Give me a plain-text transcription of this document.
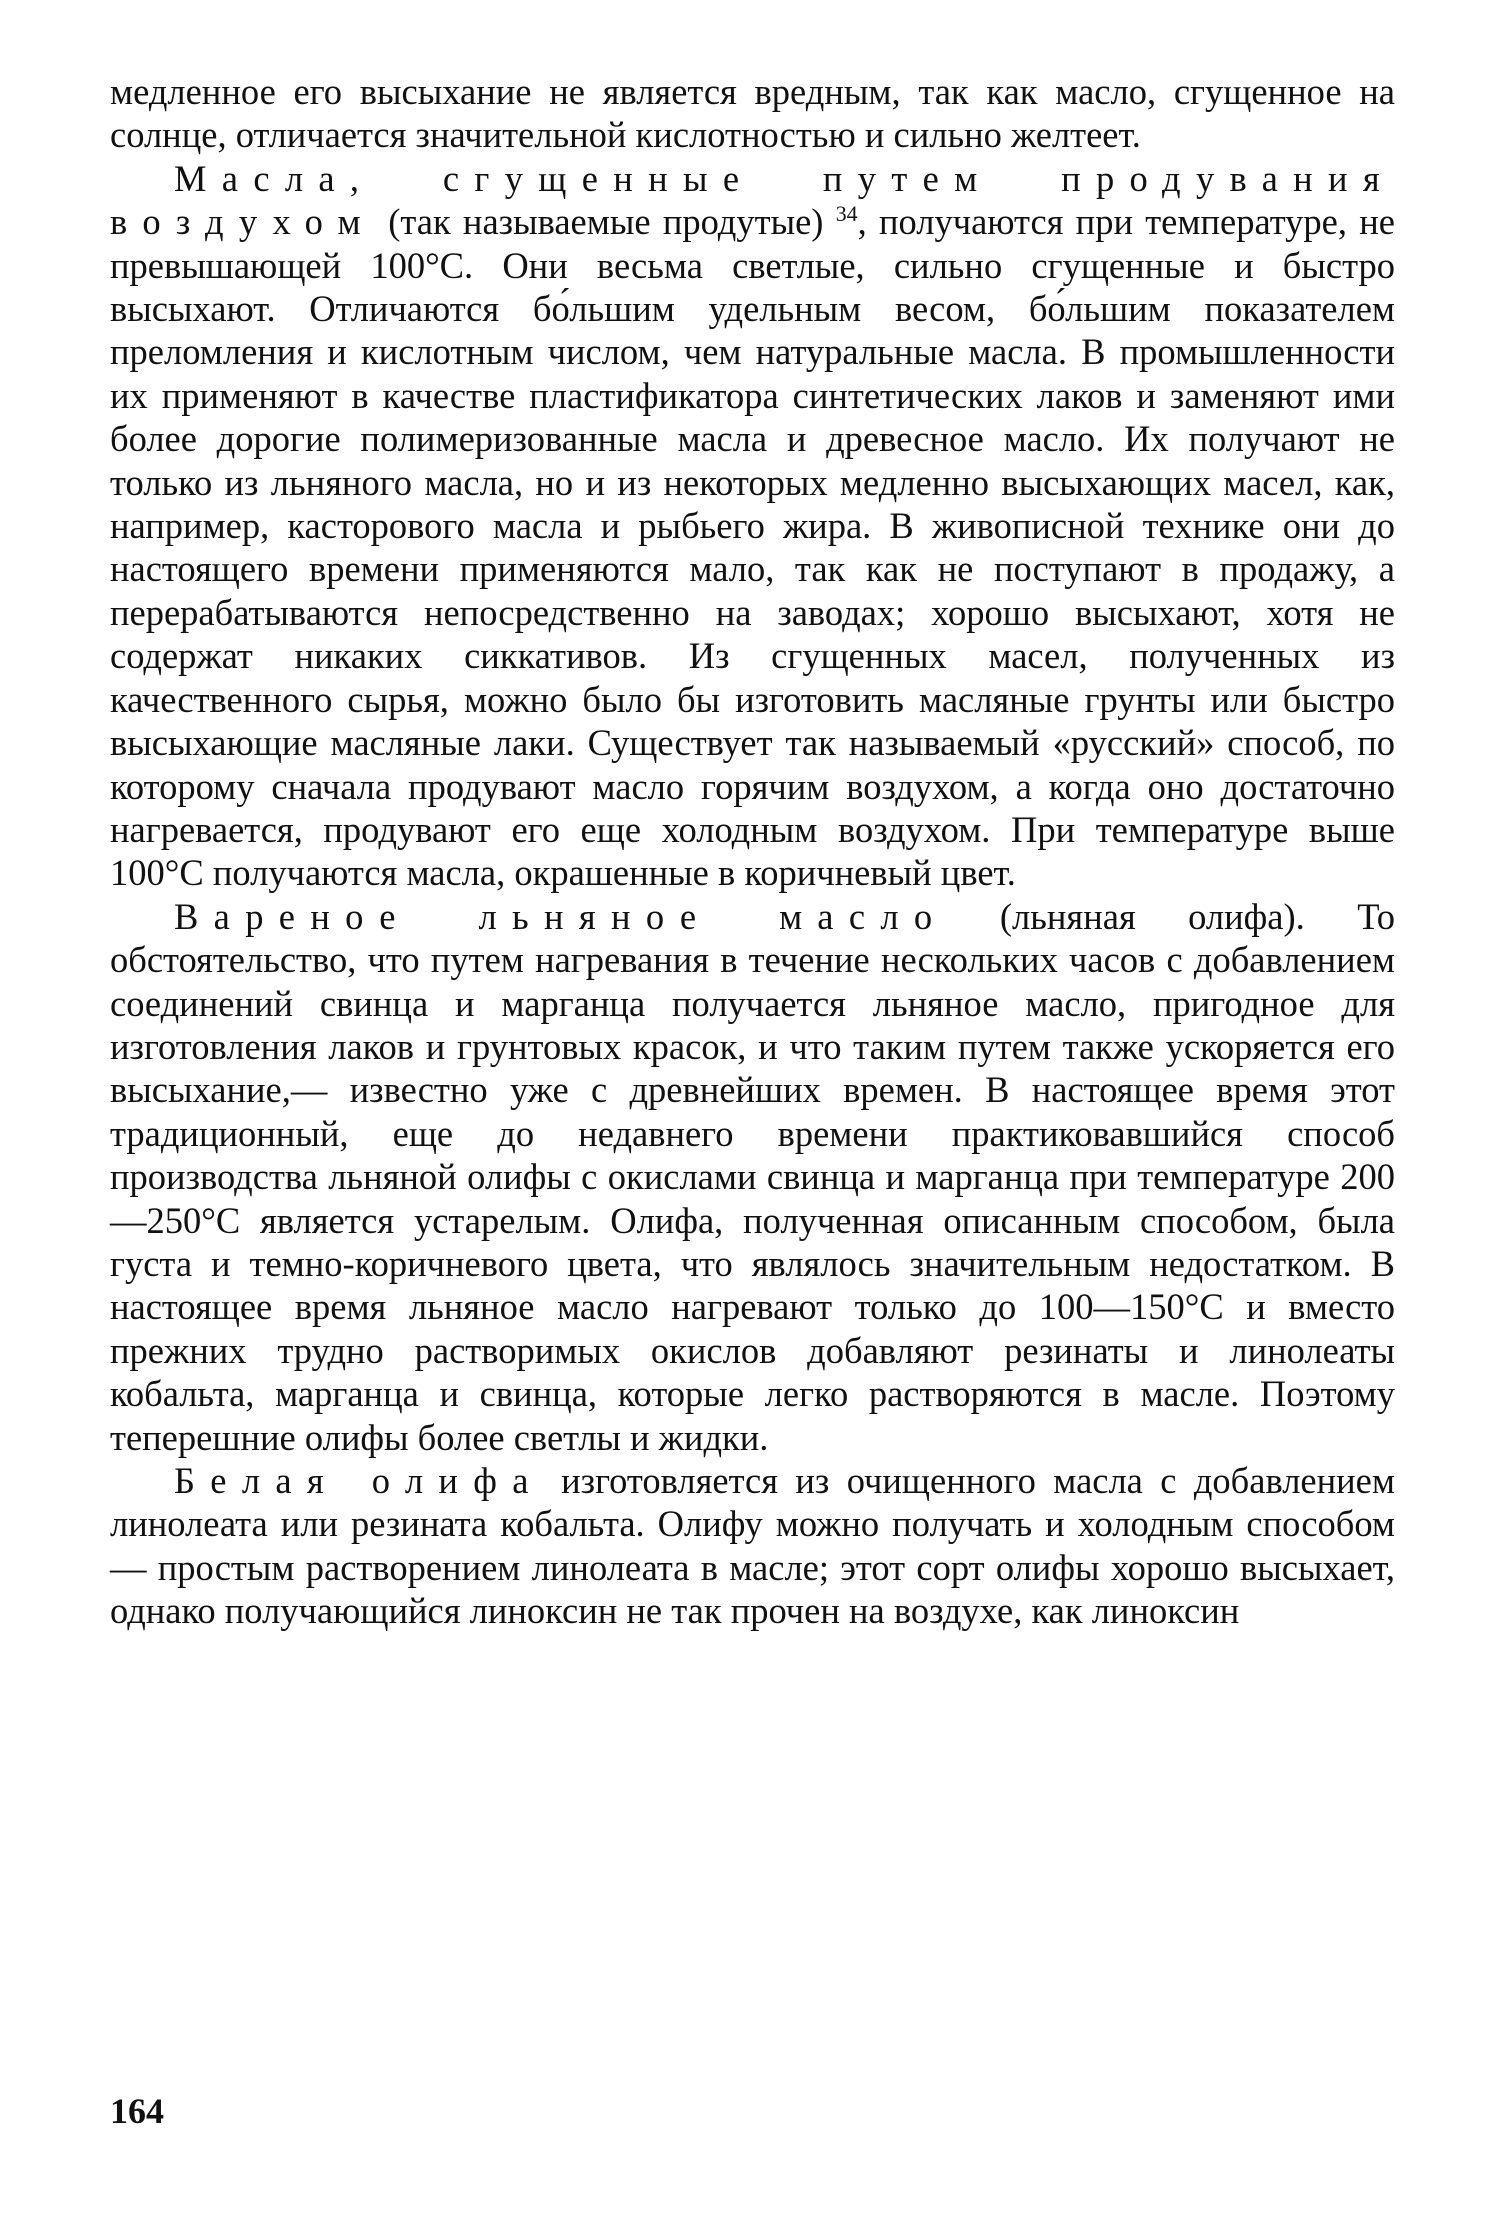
медленное его высыхание не является вредным, так как масло, сгущенное на солнце, отличается значительной кислотностью и сильно желтеет.

Масла, сгущенные путем продувания воздухом (так называемые продутые) $^{34}$, получаются при температуре, не превышающей 100°С. Они весьма светлые, сильно сгущенные и быстро высыхают. Отличаются бо́льшим удельным весом, бо́льшим показателем преломления и кислотным числом, чем натуральные масла. В промышленности их применяют в качестве пластификатора синтетических лаков и заменяют ими более дорогие полимеризованные масла и древесное масло. Их получают не только из льняного масла, но и из некоторых медленно высыхающих масел, как, например, касторового масла и рыбьего жира. В живописной технике они до настоящего времени применяются мало, так как не поступают в продажу, а перерабатываются непосредственно на заводах; хорошо высыхают, хотя не содержат никаких сиккативов. Из сгущенных масел, полученных из качественного сырья, можно было бы изготовить масляные грунты или быстро высыхающие масляные лаки. Существует так называемый «русский» способ, по которому сначала продувают масло горячим воздухом, а когда оно достаточно нагревается, продувают его еще холодным воздухом. При температуре выше 100°С получаются масла, окрашенные в коричневый цвет.

Вареное льняное масло (льняная олифа). То обстоятельство, что путем нагревания в течение нескольких часов с добавлением соединений свинца и марганца получается льняное масло, пригодное для изготовления лаков и грунтовых красок, и что таким путем также ускоряется его высыхание,— известно уже с древнейших времен. В настоящее время этот традиционный, еще до недавнего времени практиковавшийся способ производства льняной олифы с окислами свинца и марганца при температуре 200—250°С является устарелым. Олифа, полученная описанным способом, была густа и темно-коричневого цвета, что являлось значительным недостатком. В настоящее время льняное масло нагревают только до 100—150°С и вместо прежних трудно растворимых окислов добавляют резинаты и линолеаты кобальта, марганца и свинца, которые легко растворяются в масле. Поэтому теперешние олифы более светлы и жидки.

Белая олифа изготовляется из очищенного масла с добавлением линолеата или резината кобальта. Олифу можно получать и холодным способом — простым растворением линолеата в масле; этот сорт олифы хорошо высыхает, однако получающийся линоксин не так прочен на воздухе, как линоксин

164
